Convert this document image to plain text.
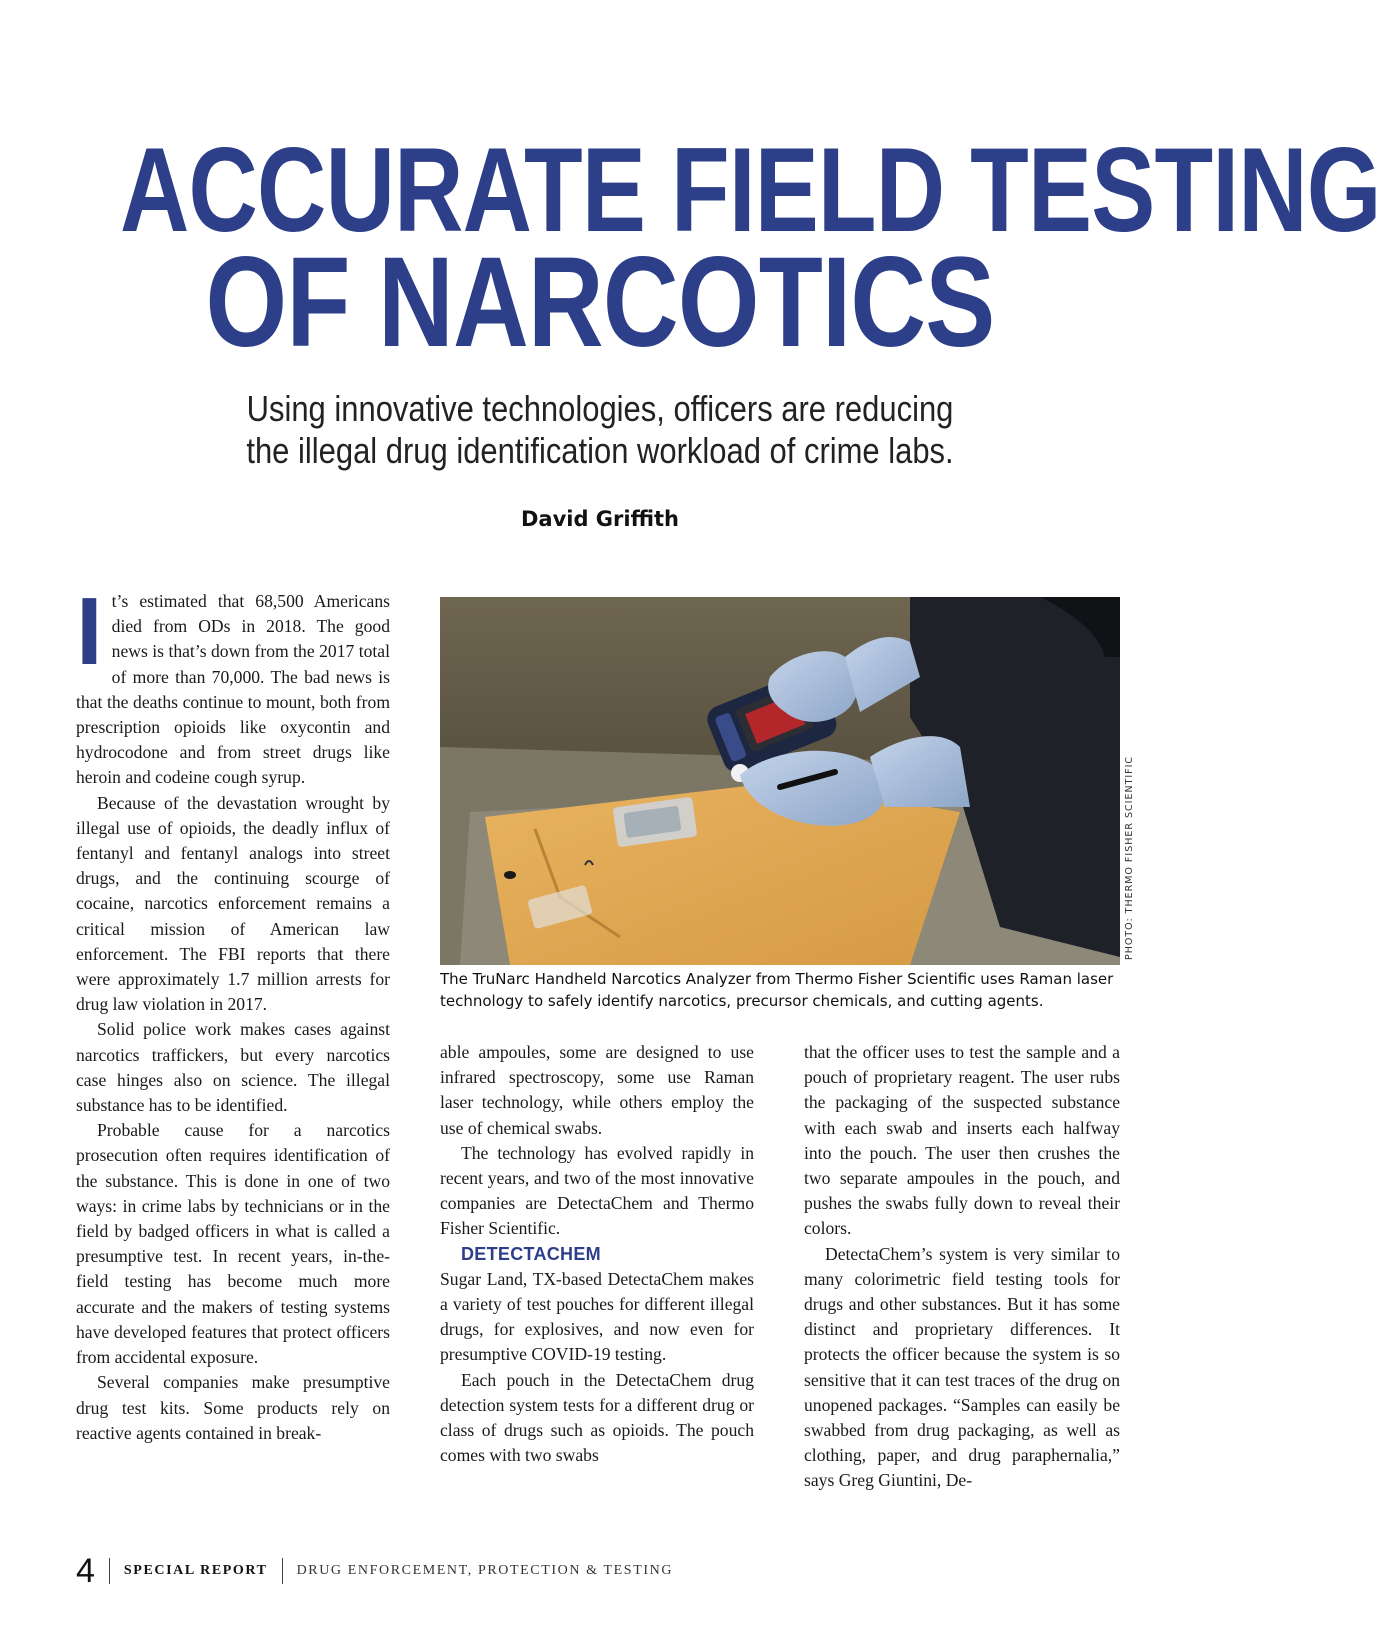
ACCURATE FIELD TESTING
OF NARCOTICS
Using innovative technologies, officers are reducing
the illegal drug identification workload of crime labs.
David Griffith
I t’s estimated that 68,500 Americans died from ODs in 2018. The good news is that’s down from the 2017 total of more than 70,000. The bad news is that the deaths continue to mount, both from prescription opioids like oxycontin and hydrocodone and from street drugs like heroin and codeine cough syrup.

Because of the devastation wrought by illegal use of opioids, the deadly influx of fentanyl and fentanyl analogs into street drugs, and the continuing scourge of cocaine, narcotics enforcement remains a critical mission of American law enforcement. The FBI reports that there were approximately 1.7 million arrests for drug law violation in 2017.

Solid police work makes cases against narcotics traffickers, but every narcotics case hinges also on science. The illegal substance has to be identified.

Probable cause for a narcotics prosecution often requires identification of the substance. This is done in one of two ways: in crime labs by technicians or in the field by badged officers in what is called a presumptive test. In recent years, in-the-field testing has become much more accurate and the makers of testing systems have developed features that protect officers from accidental exposure.

Several companies make presumptive drug test kits. Some products rely on reactive agents contained in break-

PHOTO: THERMO FISHER SCIENTIFIC
The TruNarc Handheld Narcotics Analyzer from Thermo Fisher Scientific uses Raman laser technology to safely identify narcotics, precursor chemicals, and cutting agents.

able ampoules, some are designed to use infrared spectroscopy, some use Raman laser technology, while others employ the use of chemical swabs.

The technology has evolved rapidly in recent years, and two of the most innovative companies are DetectaChem and Thermo Fisher Scientific.

DETECTACHEM

Sugar Land, TX-based DetectaChem makes a variety of test pouches for different illegal drugs, for explosives, and now even for presumptive COVID-19 testing.

Each pouch in the DetectaChem drug detection system tests for a different drug or class of drugs such as opioids. The pouch comes with two swabs

that the officer uses to test the sample and a pouch of proprietary reagent. The user rubs the packaging of the suspected substance with each swab and inserts each halfway into the pouch. The user then crushes the two separate ampoules in the pouch, and pushes the swabs fully down to reveal their colors.

DetectaChem’s system is very similar to many colorimetric field testing tools for drugs and other substances. But it has some distinct and proprietary differences. It protects the officer because the system is so sensitive that it can test traces of the drug on unopened packages. “Samples can easily be swabbed from drug packaging, as well as clothing, paper, and drug paraphernalia,” says Greg Giuntini, De-

4 SPECIAL REPORT DRUG ENFORCEMENT, PROTECTION & TESTING
